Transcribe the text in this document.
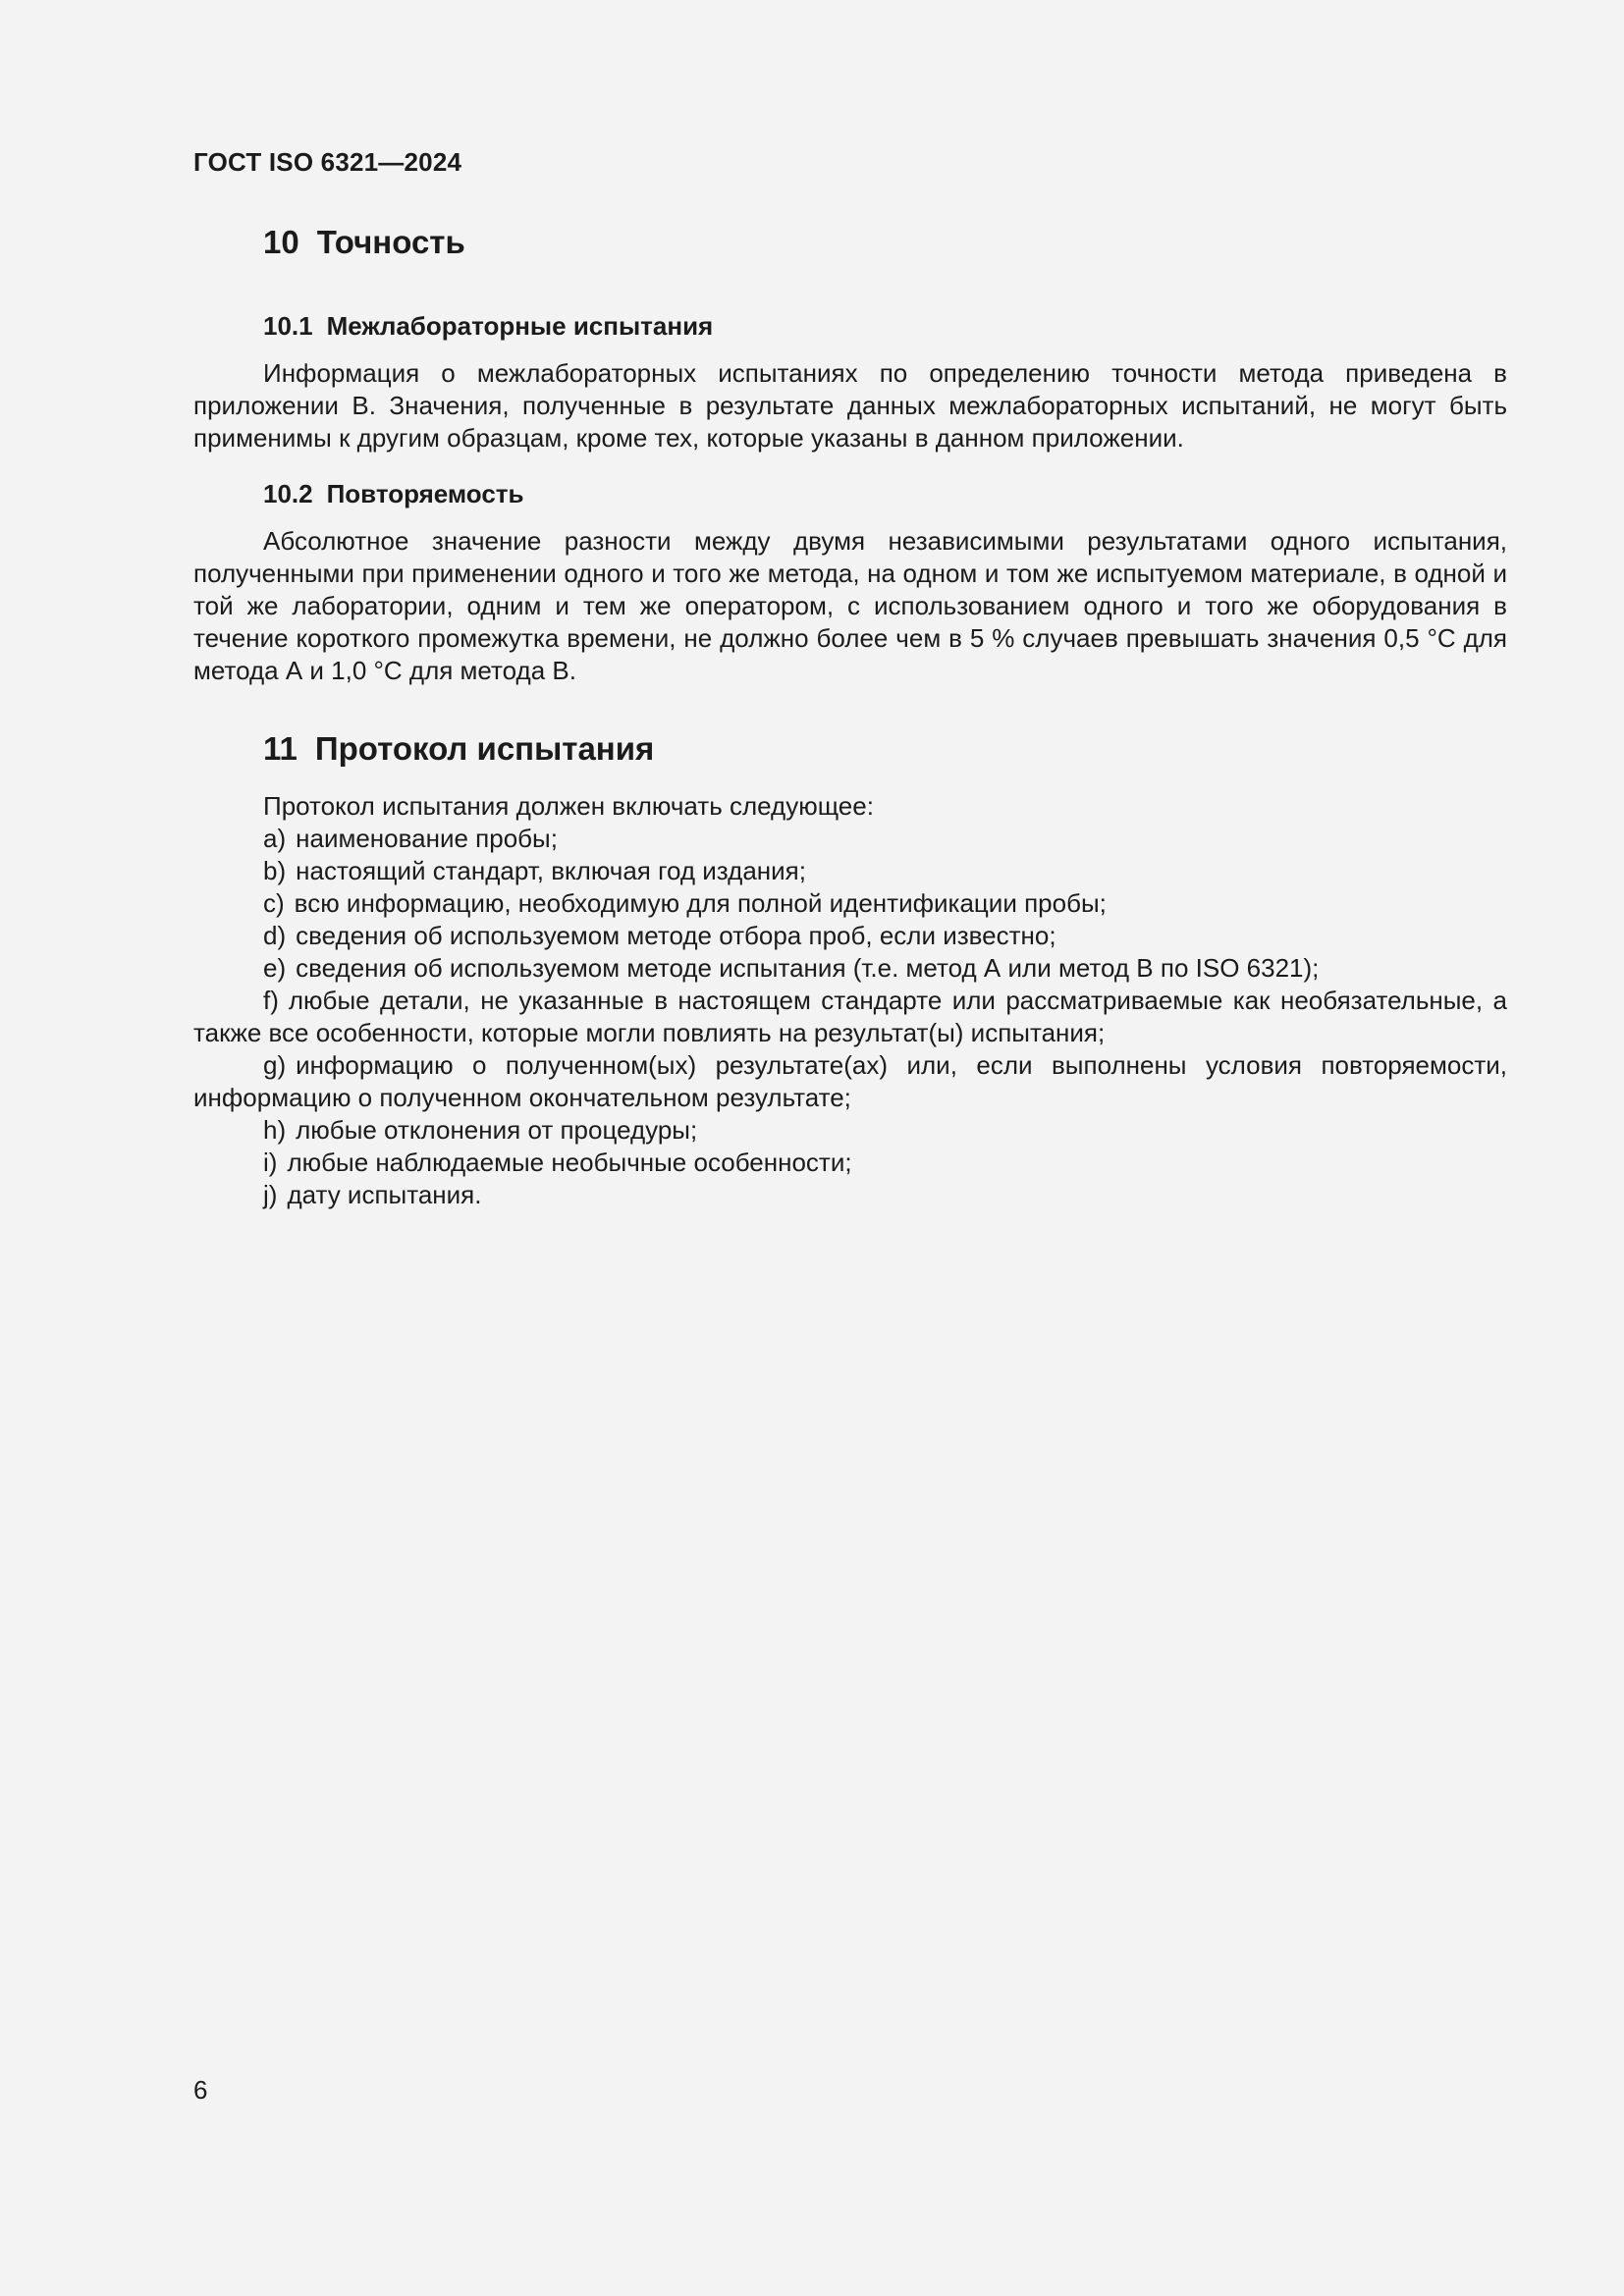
ГОСТ ISO 6321—2024
10 Точность
10.1 Межлабораторные испытания

Информация о межлабораторных испытаниях по определению точности метода приведена в приложении В. Значения, полученные в результате данных межлабораторных испытаний, не могут быть применимы к другим образцам, кроме тех, которые указаны в данном приложении.

10.2 Повторяемость

Абсолютное значение разности между двумя независимыми результатами одного испытания, полученными при применении одного и того же метода, на одном и том же испытуемом материале, в одной и той же лаборатории, одним и тем же оператором, с использованием одного и того же оборудования в течение короткого промежутка времени, не должно более чем в 5 % случаев превышать значения 0,5 °С для метода А и 1,0 °С для метода В.

11 Протокол испытания

Протокол испытания должен включать следующее:

a) наименование пробы;

b) настоящий стандарт, включая год издания;

c) всю информацию, необходимую для полной идентификации пробы;

d) сведения об используемом методе отбора проб, если известно;

e) сведения об используемом методе испытания (т.е. метод А или метод В по ISO 6321);

f) любые детали, не указанные в настоящем стандарте или рассматриваемые как необязательные, а также все особенности, которые могли повлиять на результат(ы) испытания;

g) информацию о полученном(ых) результате(ах) или, если выполнены условия повторяемости, информацию о полученном окончательном результате;

h) любые отклонения от процедуры;

i) любые наблюдаемые необычные особенности;

j) дату испытания.

6
